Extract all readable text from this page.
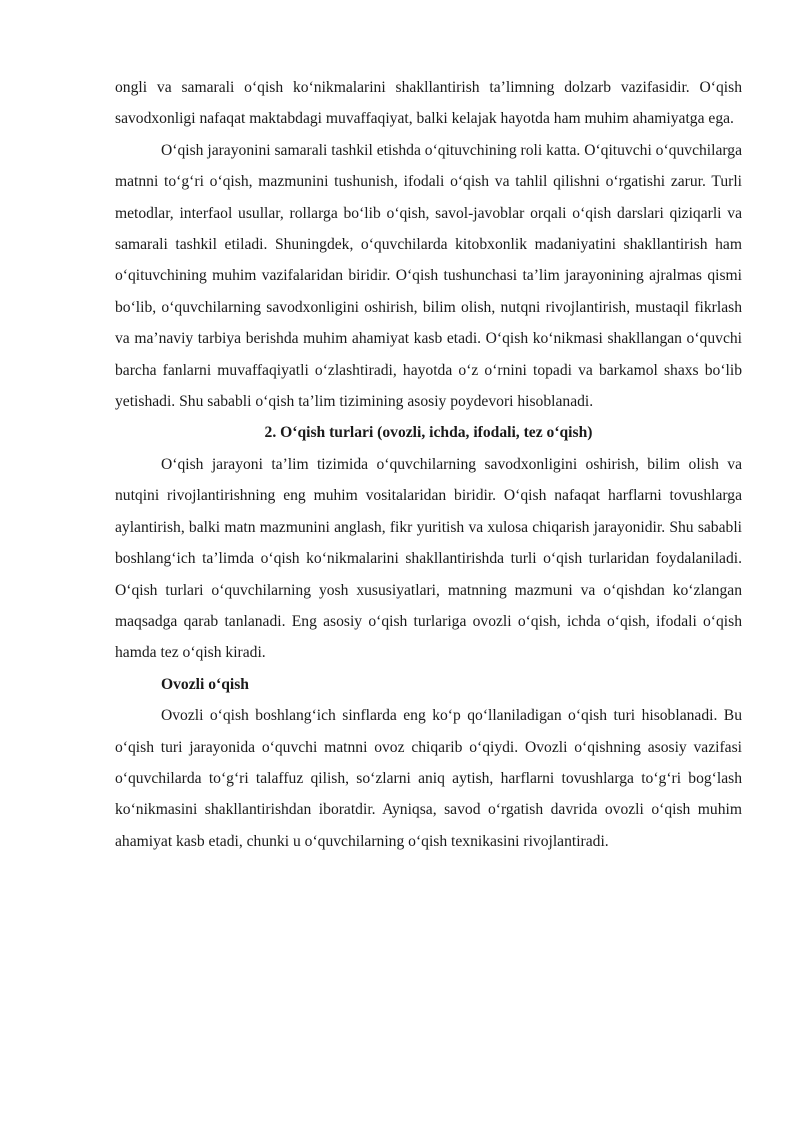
ongli va samarali o‘qish ko‘nikmalarini shakllantirish ta’limning dolzarb vazifasidir. O‘qish savodxonligi nafaqat maktabdagi muvaffaqiyat, balki kelajak hayotda ham muhim ahamiyatga ega.

O‘qish jarayonini samarali tashkil etishda o‘qituvchining roli katta. O‘qituvchi o‘quvchilarga matnni to‘g‘ri o‘qish, mazmunini tushunish, ifodali o‘qish va tahlil qilishni o‘rgatishi zarur. Turli metodlar, interfaol usullar, rollarga bo‘lib o‘qish, savol-javoblar orqali o‘qish darslari qiziqarli va samarali tashkil etiladi. Shuningdek, o‘quvchilarda kitobxonlik madaniyatini shakllantirish ham o‘qituvchining muhim vazifalaridan biridir. O‘qish tushunchasi ta’lim jarayonining ajralmas qismi bo‘lib, o‘quvchilarning savodxonligini oshirish, bilim olish, nutqni rivojlantirish, mustaqil fikrlash va ma’naviy tarbiya berishda muhim ahamiyat kasb etadi. O‘qish ko‘nikmasi shakllangan o‘quvchi barcha fanlarni muvaffaqiyatli o‘zlashtiradi, hayotda o‘z o‘rnini topadi va barkamol shaxs bo‘lib yetishadi. Shu sababli o‘qish ta’lim tizimining asosiy poydevori hisoblanadi.

2. O‘qish turlari (ovozli, ichda, ifodali, tez o‘qish)

O‘qish jarayoni ta’lim tizimida o‘quvchilarning savodxonligini oshirish, bilim olish va nutqini rivojlantirishning eng muhim vositalaridan biridir. O‘qish nafaqat harflarni tovushlarga aylantirish, balki matn mazmunini anglash, fikr yuritish va xulosa chiqarish jarayonidir. Shu sababli boshlang‘ich ta’limda o‘qish ko‘nikmalarini shakllantirishda turli o‘qish turlaridan foydalaniladi. O‘qish turlari o‘quvchilarning yosh xususiyatlari, matnning mazmuni va o‘qishdan ko‘zlangan maqsadga qarab tanlanadi. Eng asosiy o‘qish turlariga ovozli o‘qish, ichda o‘qish, ifodali o‘qish hamda tez o‘qish kiradi.

Ovozli o‘qish

Ovozli o‘qish boshlang‘ich sinflarda eng ko‘p qo‘llaniladigan o‘qish turi hisoblanadi. Bu o‘qish turi jarayonida o‘quvchi matnni ovoz chiqarib o‘qiydi. Ovozli o‘qishning asosiy vazifasi o‘quvchilarda to‘g‘ri talaffuz qilish, so‘zlarni aniq aytish, harflarni tovushlarga to‘g‘ri bog‘lash ko‘nikmasini shakllantirishdan iboratdir. Ayniqsa, savod o‘rgatish davrida ovozli o‘qish muhim ahamiyat kasb etadi, chunki u o‘quvchilarning o‘qish texnikasini rivojlantiradi.
